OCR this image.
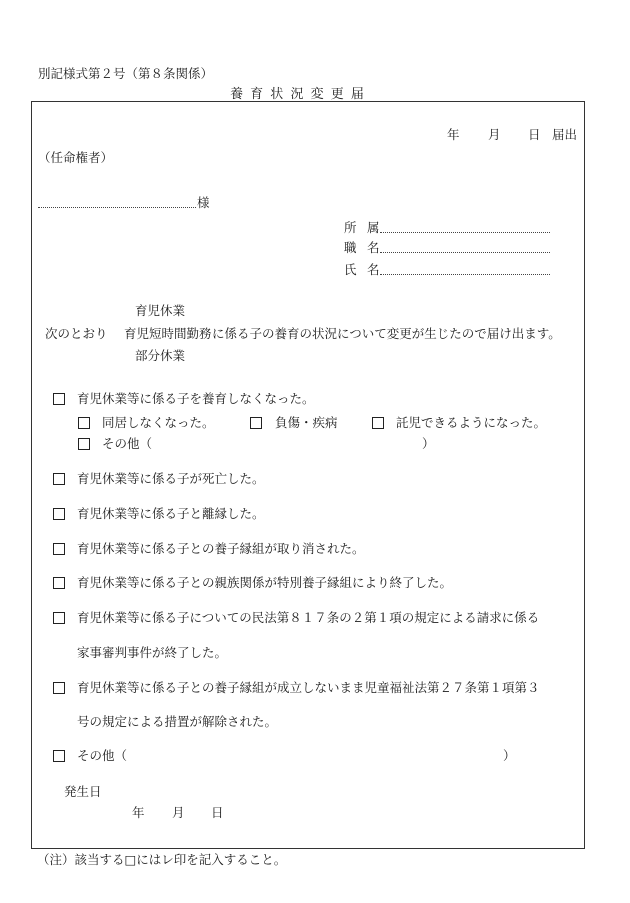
別記様式第２号（第８条関係）
養育状況変更届
年 月 日 届出
（任命権者）
様
所 属
職 名
氏 名
育児休業
次のとおり 育児短時間勤務 に係る子の養育の状況について変更が生じたので届け出ます。
部分休業
育児休業等に係る子を養育しなくなった。
同居しなくなった。	負傷・疾病	託児できるようになった。
その他（	）
育児休業等に係る子が死亡した。
育児休業等に係る子と離縁した。
育児休業等に係る子との養子縁組が取り消された。
育児休業等に係る子との親族関係が特別養子縁組により終了した。
育児休業等に係る子についての民法第８１７条の２第１項の規定による請求に係る
家事審判事件が終了した。
育児休業等に係る子との養子縁組が成立しないまま児童福祉法第２７条第１項第３
号の規定による措置が解除された。
その他（	）
発生日
年 月 日
（注）該当する□にはレ印を記入すること。
